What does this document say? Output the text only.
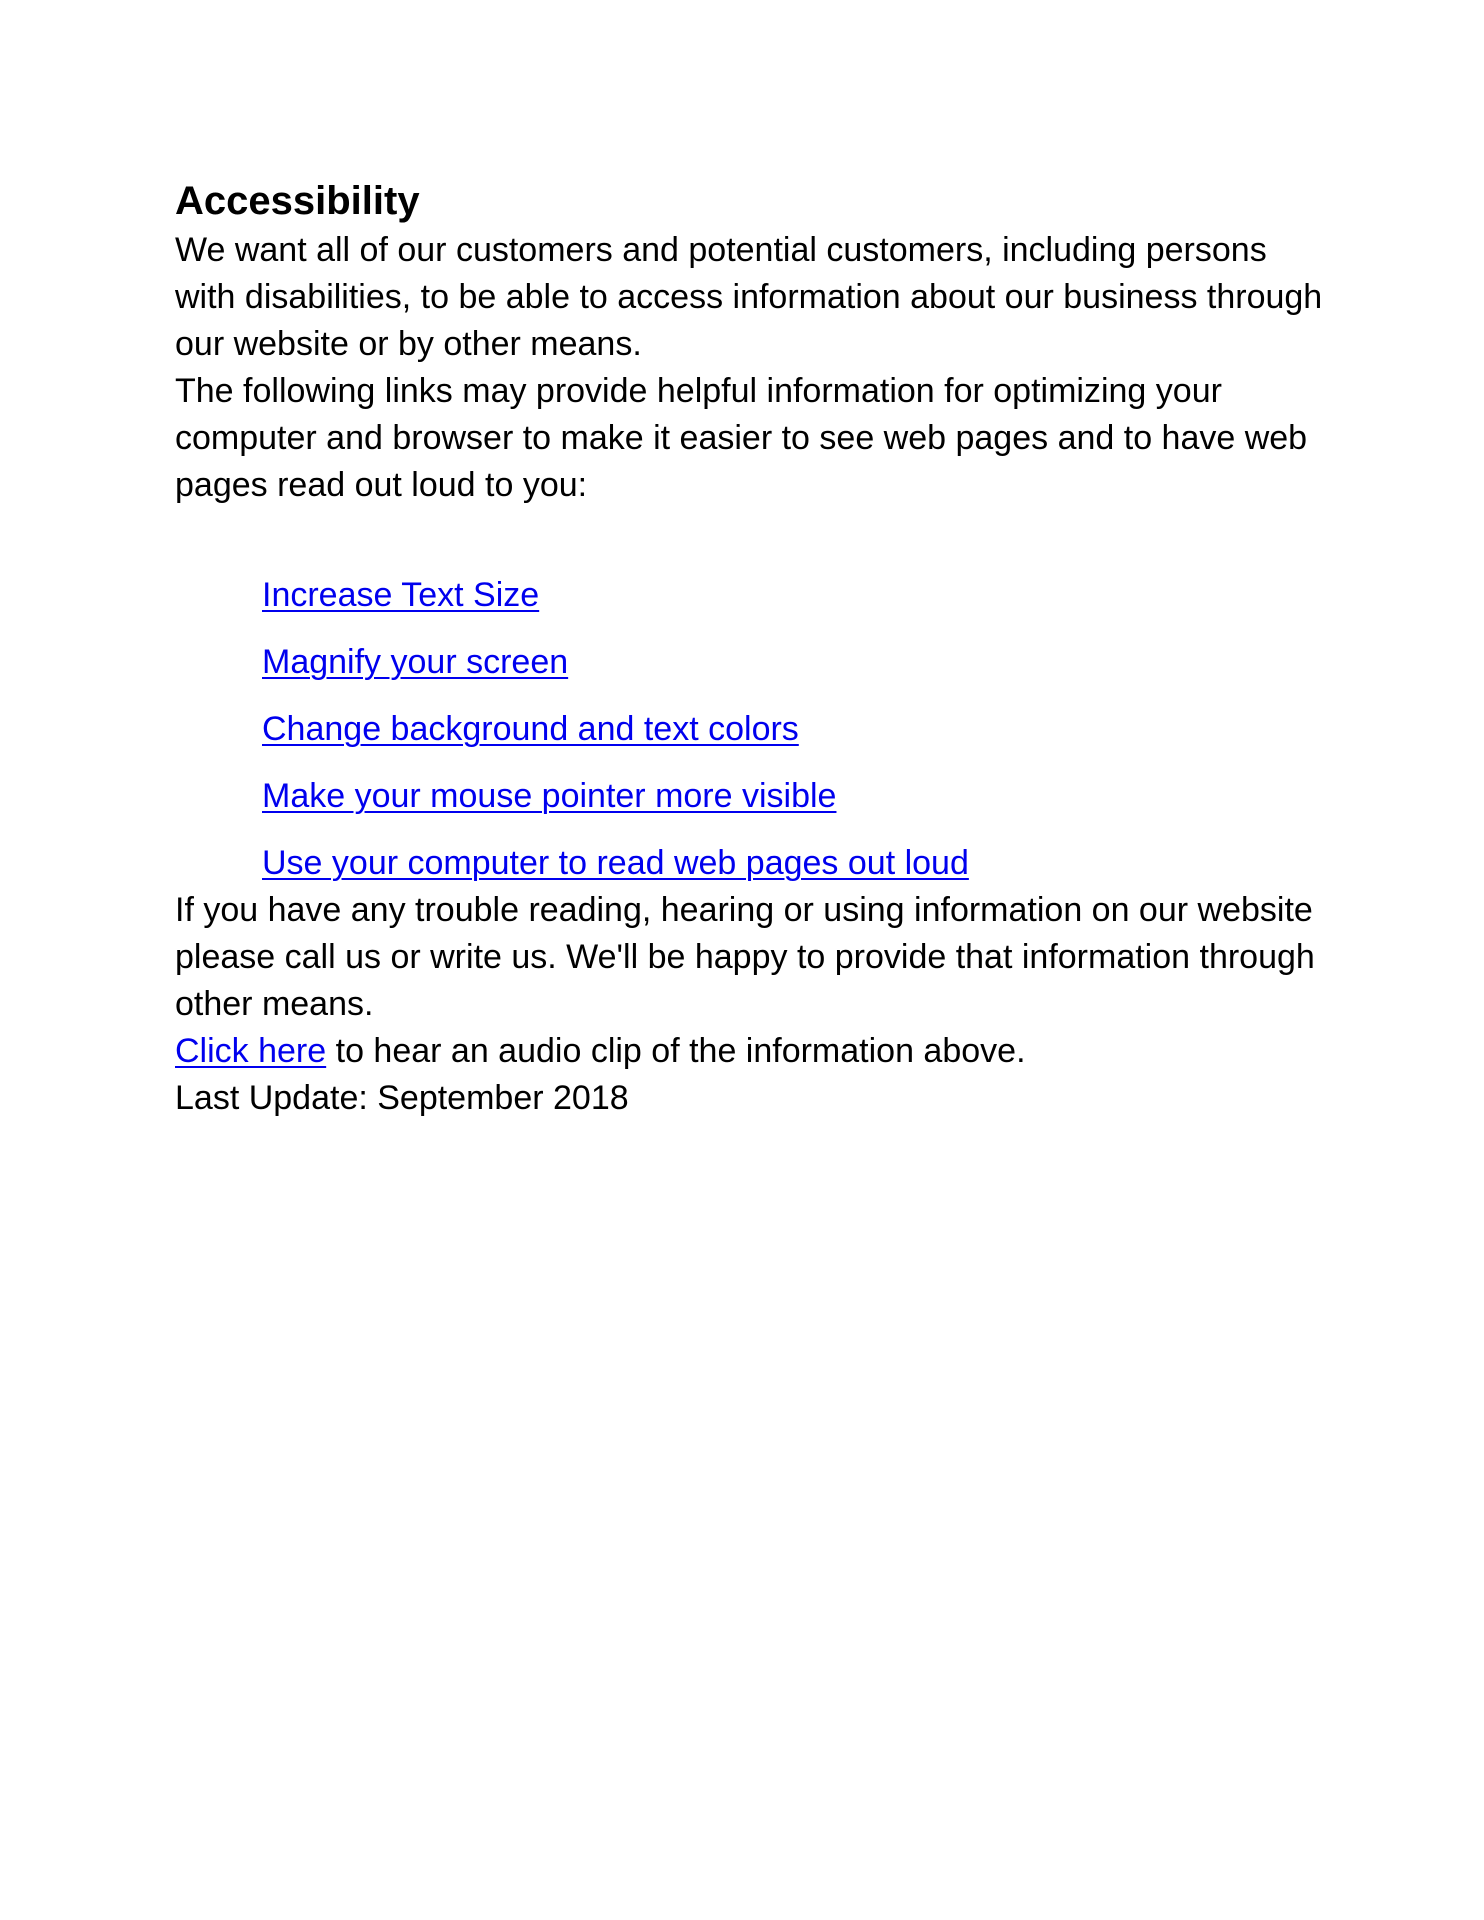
Accessibility

We want all of our customers and potential customers, including persons with disabilities, to be able to access information about our business through our website or by other means.

The following links may provide helpful information for optimizing your computer and browser to make it easier to see web pages and to have web pages read out loud to you:

Increase Text Size
Magnify your screen
Change background and text colors
Make your mouse pointer more visible
Use your computer to read web pages out loud

If you have any trouble reading, hearing or using information on our website please call us or write us. We'll be happy to provide that information through other means.

Click here to hear an audio clip of the information above.

Last Update: September 2018
